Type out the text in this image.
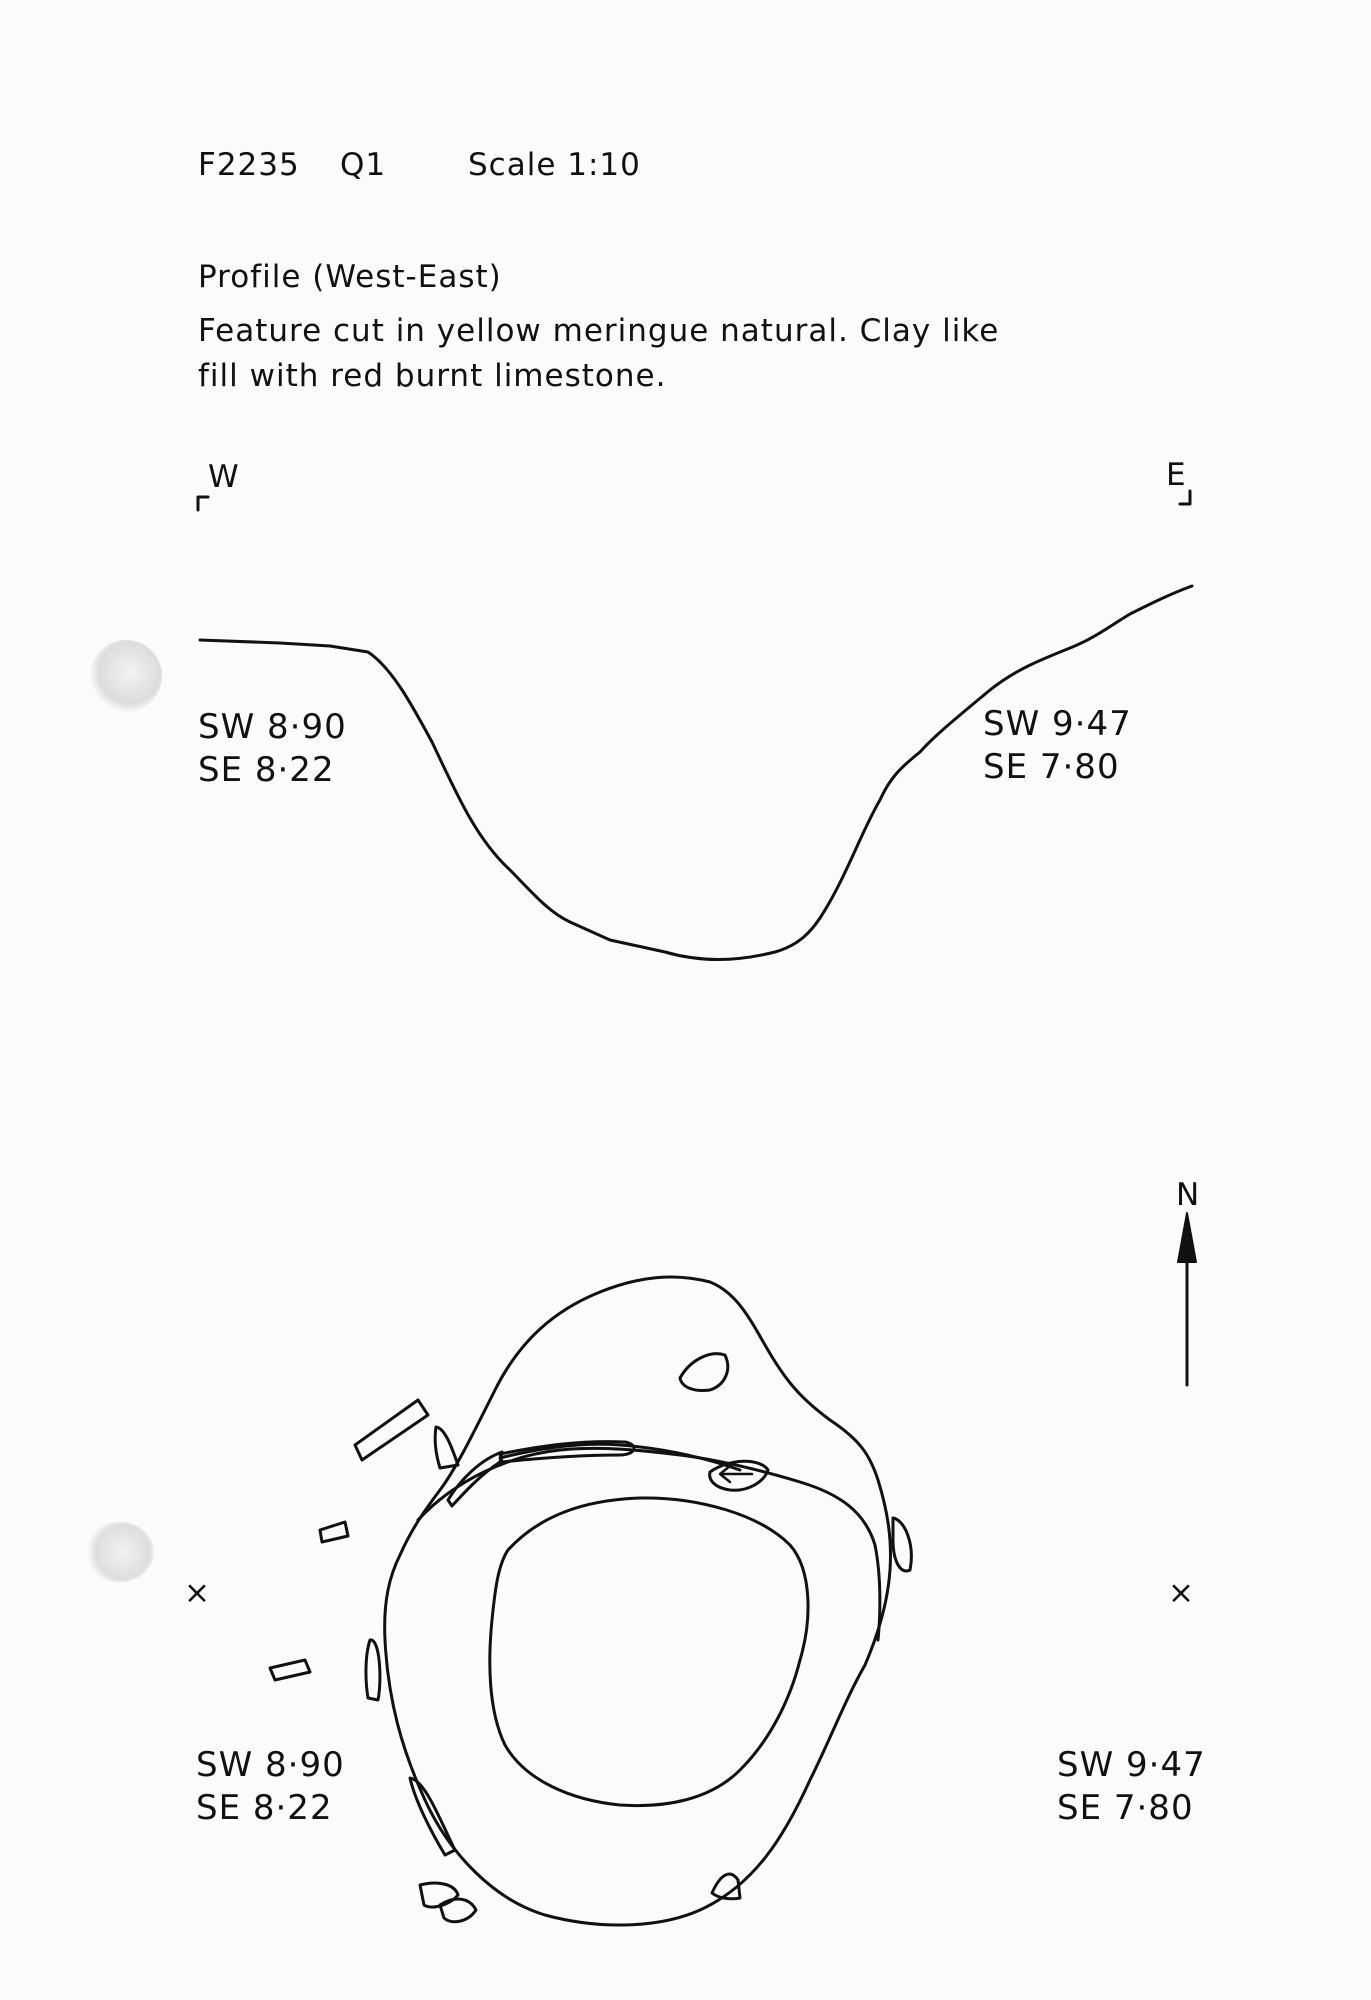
F2235 Q1	Scale 1:10
Profile (West-East)
Feature cut in yellow meringue natural. Clay like
fill with red burnt limestone.
W	E
SW 8·90
SE 8·22
SW 9·47
SE 7·80
N
×	×
SW 8·90
SE 8·22
SW 9·47
SE 7·80
